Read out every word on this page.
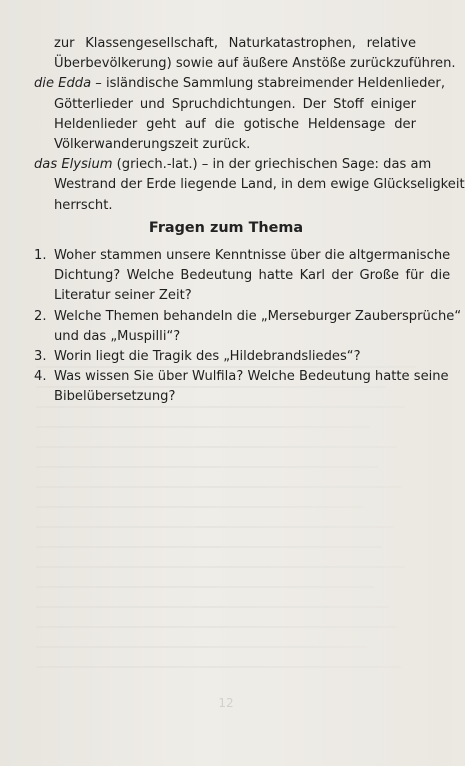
zur Klassengesellschaft, Naturkatastrophen, relative
Überbevölkerung) sowie auf äußere Anstöße zurückzuführen.
die Edda – isländische Sammlung stabreimender Heldenlieder,
Götterlieder und Spruchdichtungen. Der Stoff einiger
Heldenlieder geht auf die gotische Heldensage der
Völkerwanderungszeit zurück.
das Elysium (griech.-lat.) – in der griechischen Sage: das am
Westrand der Erde liegende Land, in dem ewige Glückseligkeit
herrscht.
Fragen zum Thema
1. Woher stammen unsere Kenntnisse über die altgermanische
Dichtung? Welche Bedeutung hatte Karl der Große für die
Literatur seiner Zeit?
2. Welche Themen behandeln die „Merseburger Zaubersprüche“
und das „Muspilli“?
3. Worin liegt die Tragik des „Hildebrandsliedes“?
4. Was wissen Sie über Wulfila? Welche Bedeutung hatte seine
Bibelübersetzung?
12
